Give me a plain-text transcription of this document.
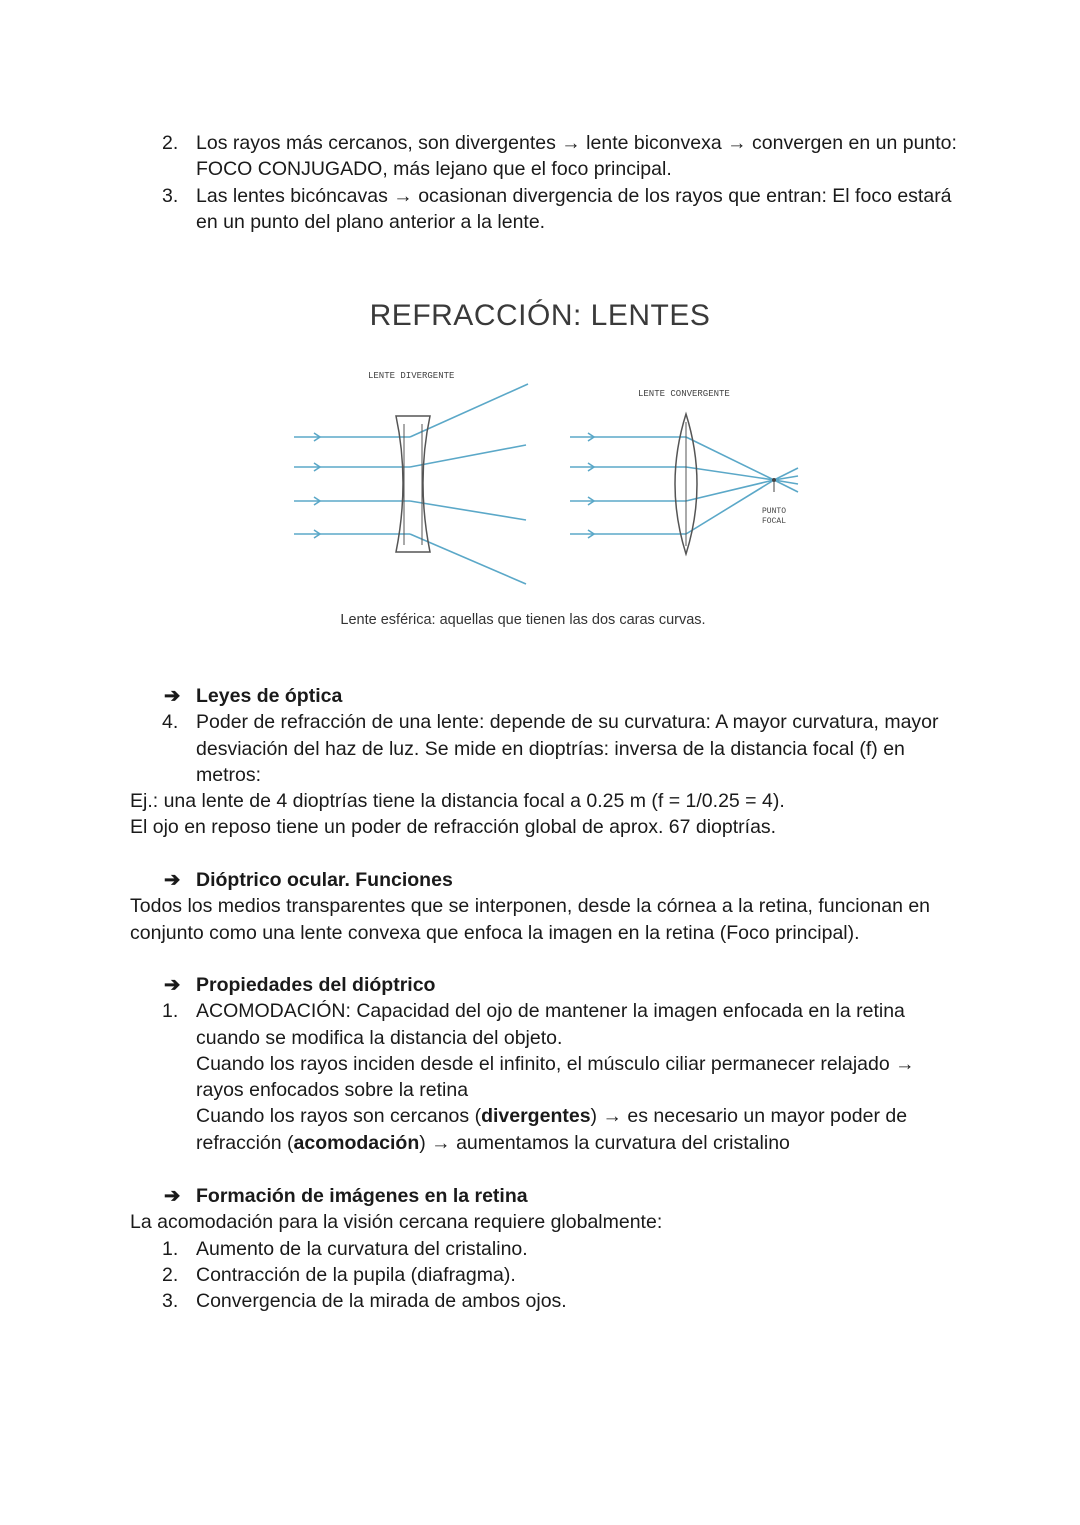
2. Los rayos más cercanos, son divergentes → lente biconvexa → convergen en un punto: FOCO CONJUGADO, más lejano que el foco principal.
3. Las lentes bicóncavas → ocasionan divergencia de los rayos que entran: El foco estará en un punto del plano anterior a la lente.
REFRACCIÓN: LENTES
LENTE DIVERGENTE
LENTE CONVERGENTE
PUNTO
FOCAL
Lente esférica: aquellas que tienen las dos caras curvas.
➔ Leyes de óptica
4. Poder de refracción de una lente: depende de su curvatura: A mayor curvatura, mayor desviación del haz de luz. Se mide en dioptrías: inversa de la distancia focal (f) en metros:
Ej.: una lente de 4 dioptrías tiene la distancia focal a 0.25 m (f = 1/0.25 = 4).
El ojo en reposo tiene un poder de refracción global de aprox. 67 dioptrías.
➔ Dióptrico ocular. Funciones
Todos los medios transparentes que se interponen, desde la córnea a la retina, funcionan en conjunto como una lente convexa que enfoca la imagen en la retina (Foco principal).
➔ Propiedades del dióptrico
1. ACOMODACIÓN: Capacidad del ojo de mantener la imagen enfocada en la retina cuando se modifica la distancia del objeto.
Cuando los rayos inciden desde el infinito, el músculo ciliar permanecer relajado → rayos enfocados sobre la retina
Cuando los rayos son cercanos (divergentes) → es necesario un mayor poder de refracción (acomodación) → aumentamos la curvatura del cristalino
➔ Formación de imágenes en la retina
La acomodación para la visión cercana requiere globalmente:
1. Aumento de la curvatura del cristalino.
2. Contracción de la pupila (diafragma).
3. Convergencia de la mirada de ambos ojos.
